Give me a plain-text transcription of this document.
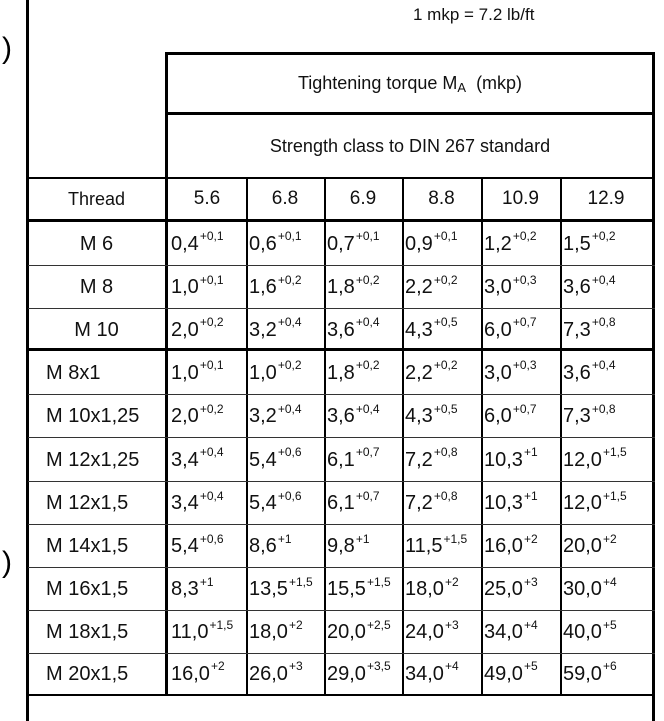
1 mkp = 7.2 lb/ft
)
)
Tightening torque M A
(mkp)
Strength class to DIN 267 standard
Thread	5.6	6.8	6.9	8.8	10.9	12.9
M 6	$0,4^{+0,1}$ $0,6^{+0,1}$ $0,7^{+0,1}$ $0,9^{+0,1}$ $1,2^{+0,2}$ $1,5^{+0,2}$
M 8	$1,0^{+0,1}$ $1,6^{+0,2}$ $1,8^{+0,2}$ $2,2^{+0,2}$ $3,0^{+0,3}$ $3,6^{+0,4}$
M 10	$2,0^{+0,2}$ $3,2^{+0,4}$ $3,6^{+0,4}$ $4,3^{+0,5}$ $6,0^{+0,7}$ $7,3^{+0,8}$
M 8x1	$1,0^{+0,1}$ $1,0^{+0,2}$ $1,8^{+0,2}$ $2,2^{+0,2}$ $3,0^{+0,3}$ $3,6^{+0,4}$
M 10x1,25	$2,0^{+0,2}$ $3,2^{+0,4}$ $3,6^{+0,4}$ $4,3^{+0,5}$ $6,0^{+0,7}$ $7,3^{+0,8}$
M 12x1,25	$3,4^{+0,4}$ $5,4^{+0,6}$ $6,1^{+0,7}$ $7,2^{+0,8}$ $10,3^{+1}$ $12,0^{+1,5}$
M 12x1,5	$3,4^{+0,4}$ $5,4^{+0,6}$ $6,1^{+0,7}$ $7,2^{+0,8}$ $10,3^{+1}$ $12,0^{+1,5}$
M 14x1,5	$5,4^{+0,6}$ $8,6^{+1}$ $9,8^{+1}$ $11,5^{+1,5}$ $16,0^{+2}$ $20,0^{+2}$
M 16x1,5	$8,3^{+1}$ $13,5^{+1,5}$ $15,5^{+1,5}$ $18,0^{+2}$ $25,0^{+3}$ $30,0^{+4}$
M 18x1,5	$11,0^{+1,5}$ $18,0^{+2}$ $20,0^{+2,5}$ $24,0^{+3}$ $34,0^{+4}$ $40,0^{+5}$
M 20x1,5	$16,0^{+2}$ $26,0^{+3}$ $29,0^{+3,5}$ $34,0^{+4}$ $49,0^{+5}$ $59,0^{+6}$
